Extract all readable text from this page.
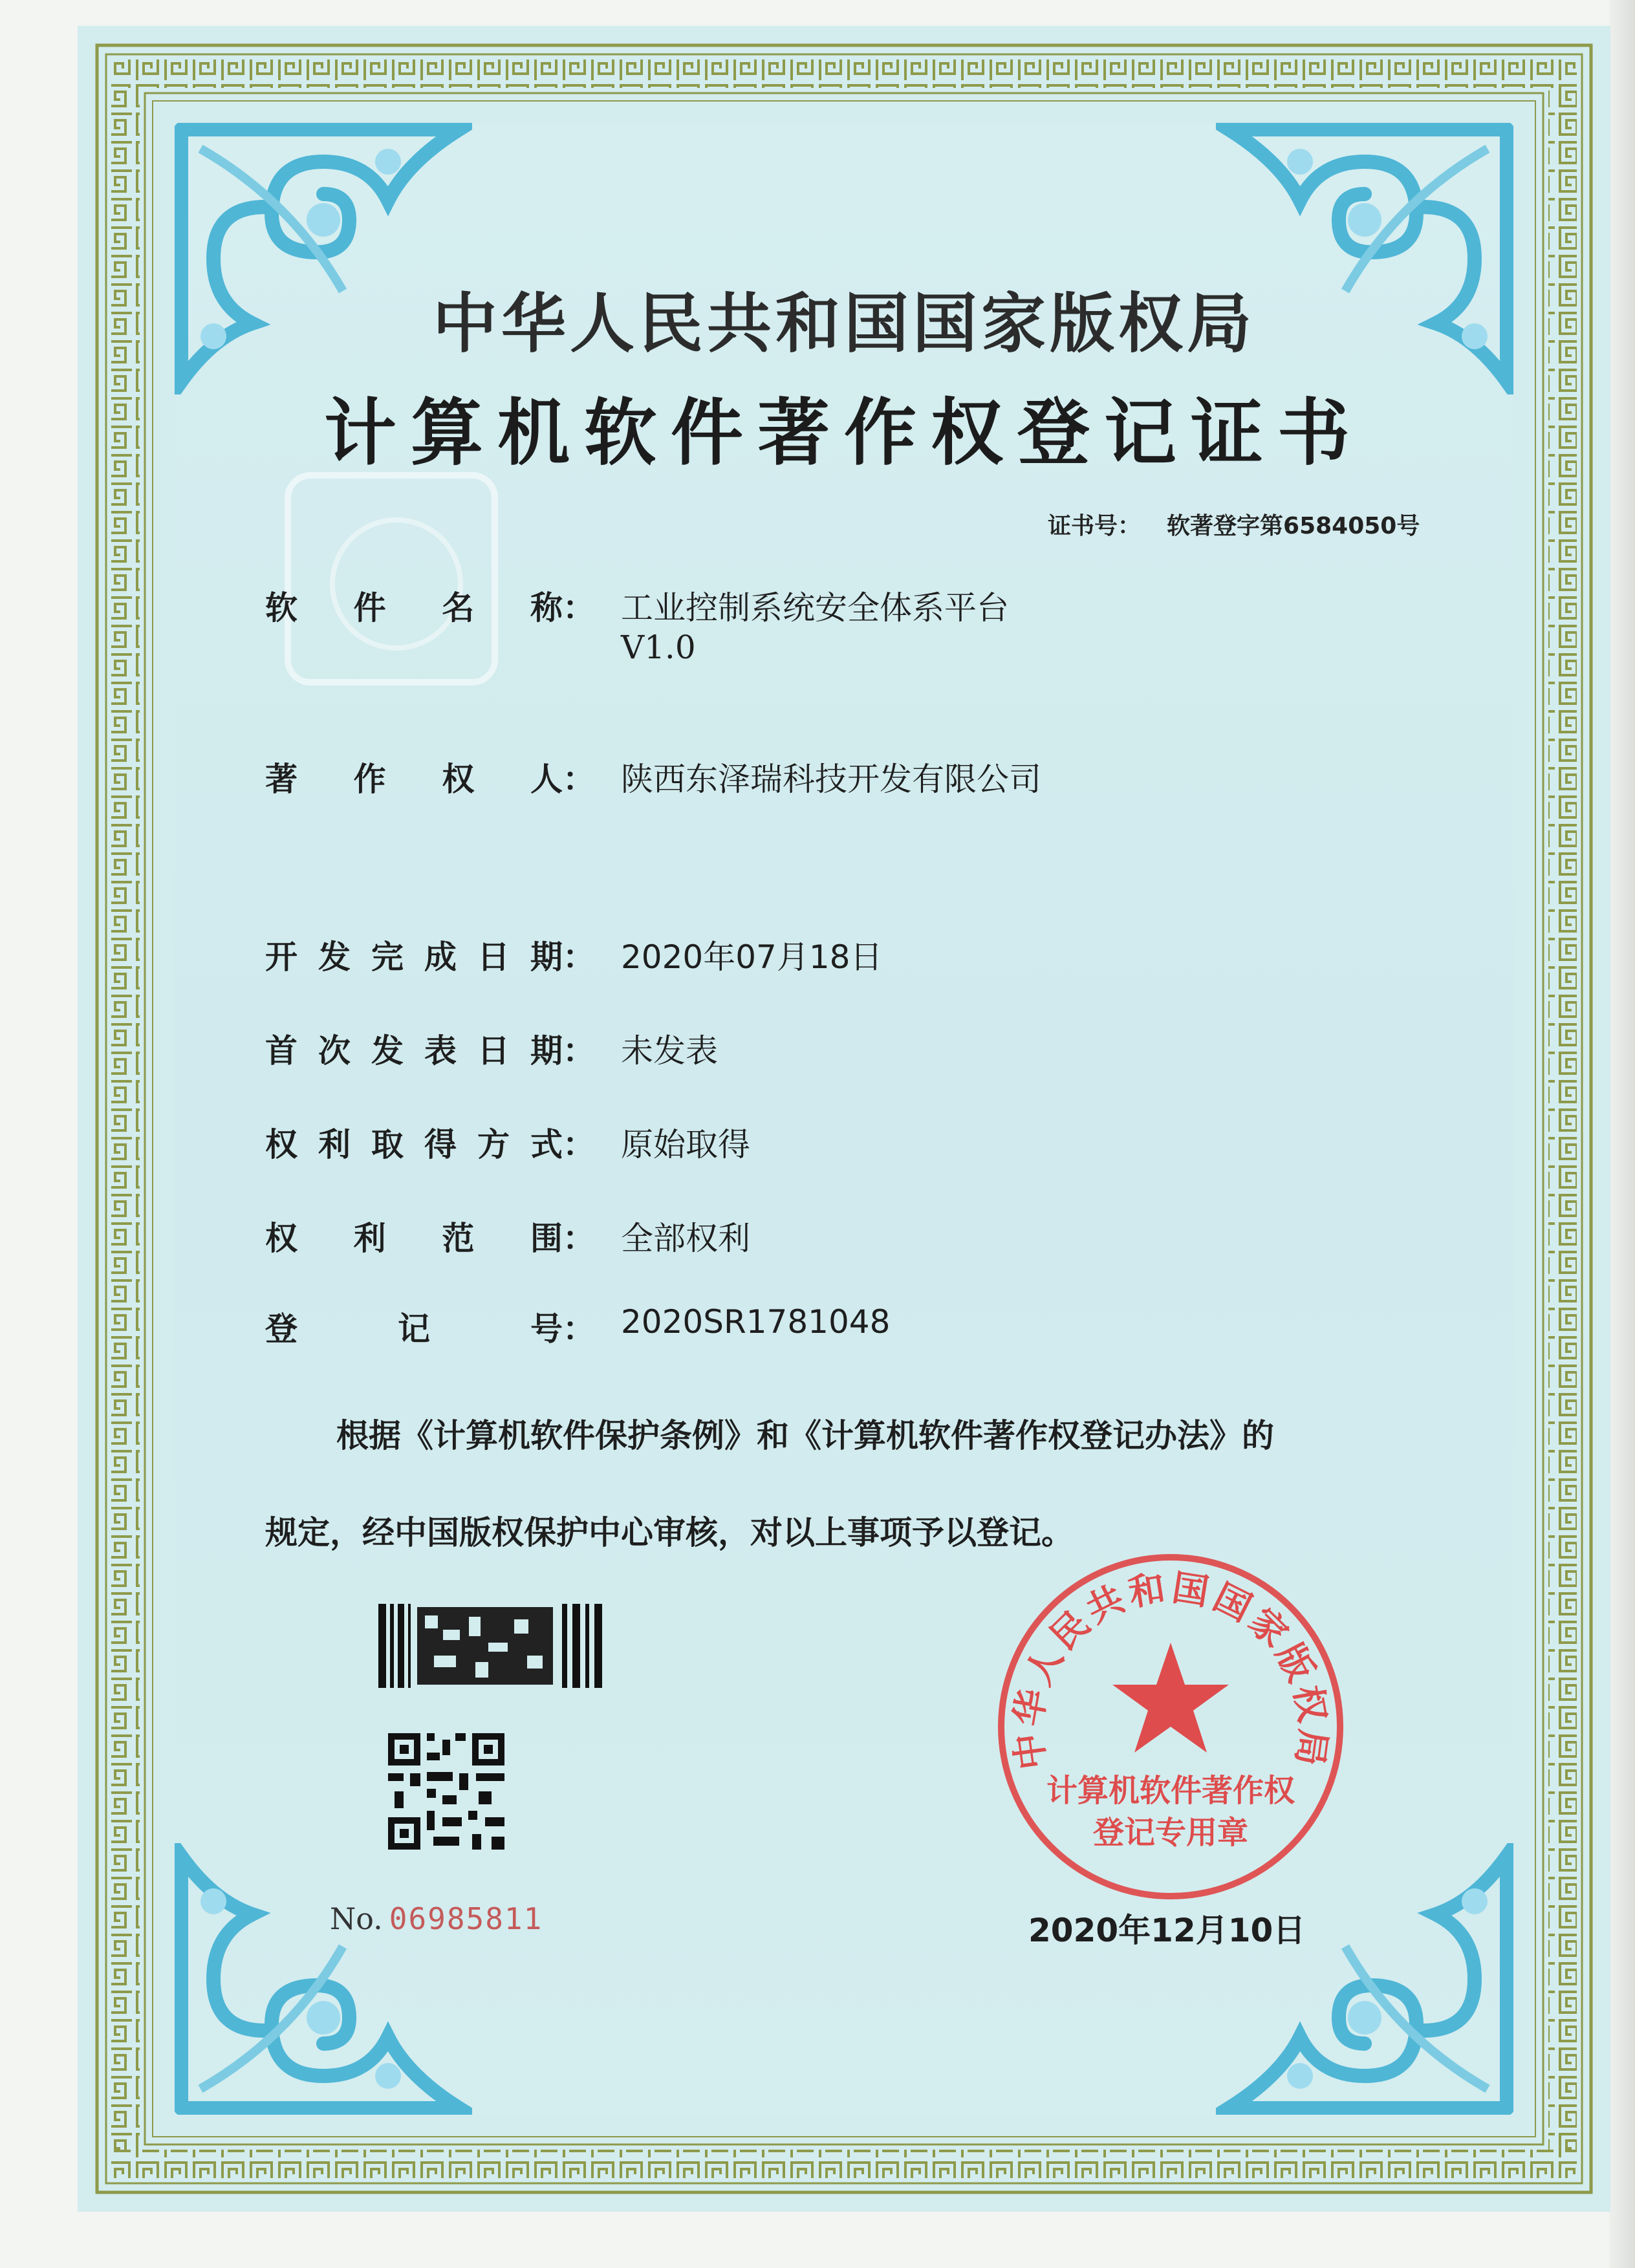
中华人民共和国国家版权局
计算机软件著作权登记证书
证书号： 软著登字第6584050号
软件名称： 工业控制系统安全体系平台
V1.0
著作权人： 陕西东泽瑞科技开发有限公司
开发完成日期： 2020年07月18日
首次发表日期： 未发表
权利取得方式： 原始取得
权利范围： 全部权利
登记号： 2020SR1781048
根据《计算机软件保护条例》和《计算机软件著作权登记办法》的
规定，经中国版权保护中心审核，对以上事项予以登记。
No. 06985811
中华人民共和国国家版权局
计算机软件著作权
登记专用章
2020年12月10日
